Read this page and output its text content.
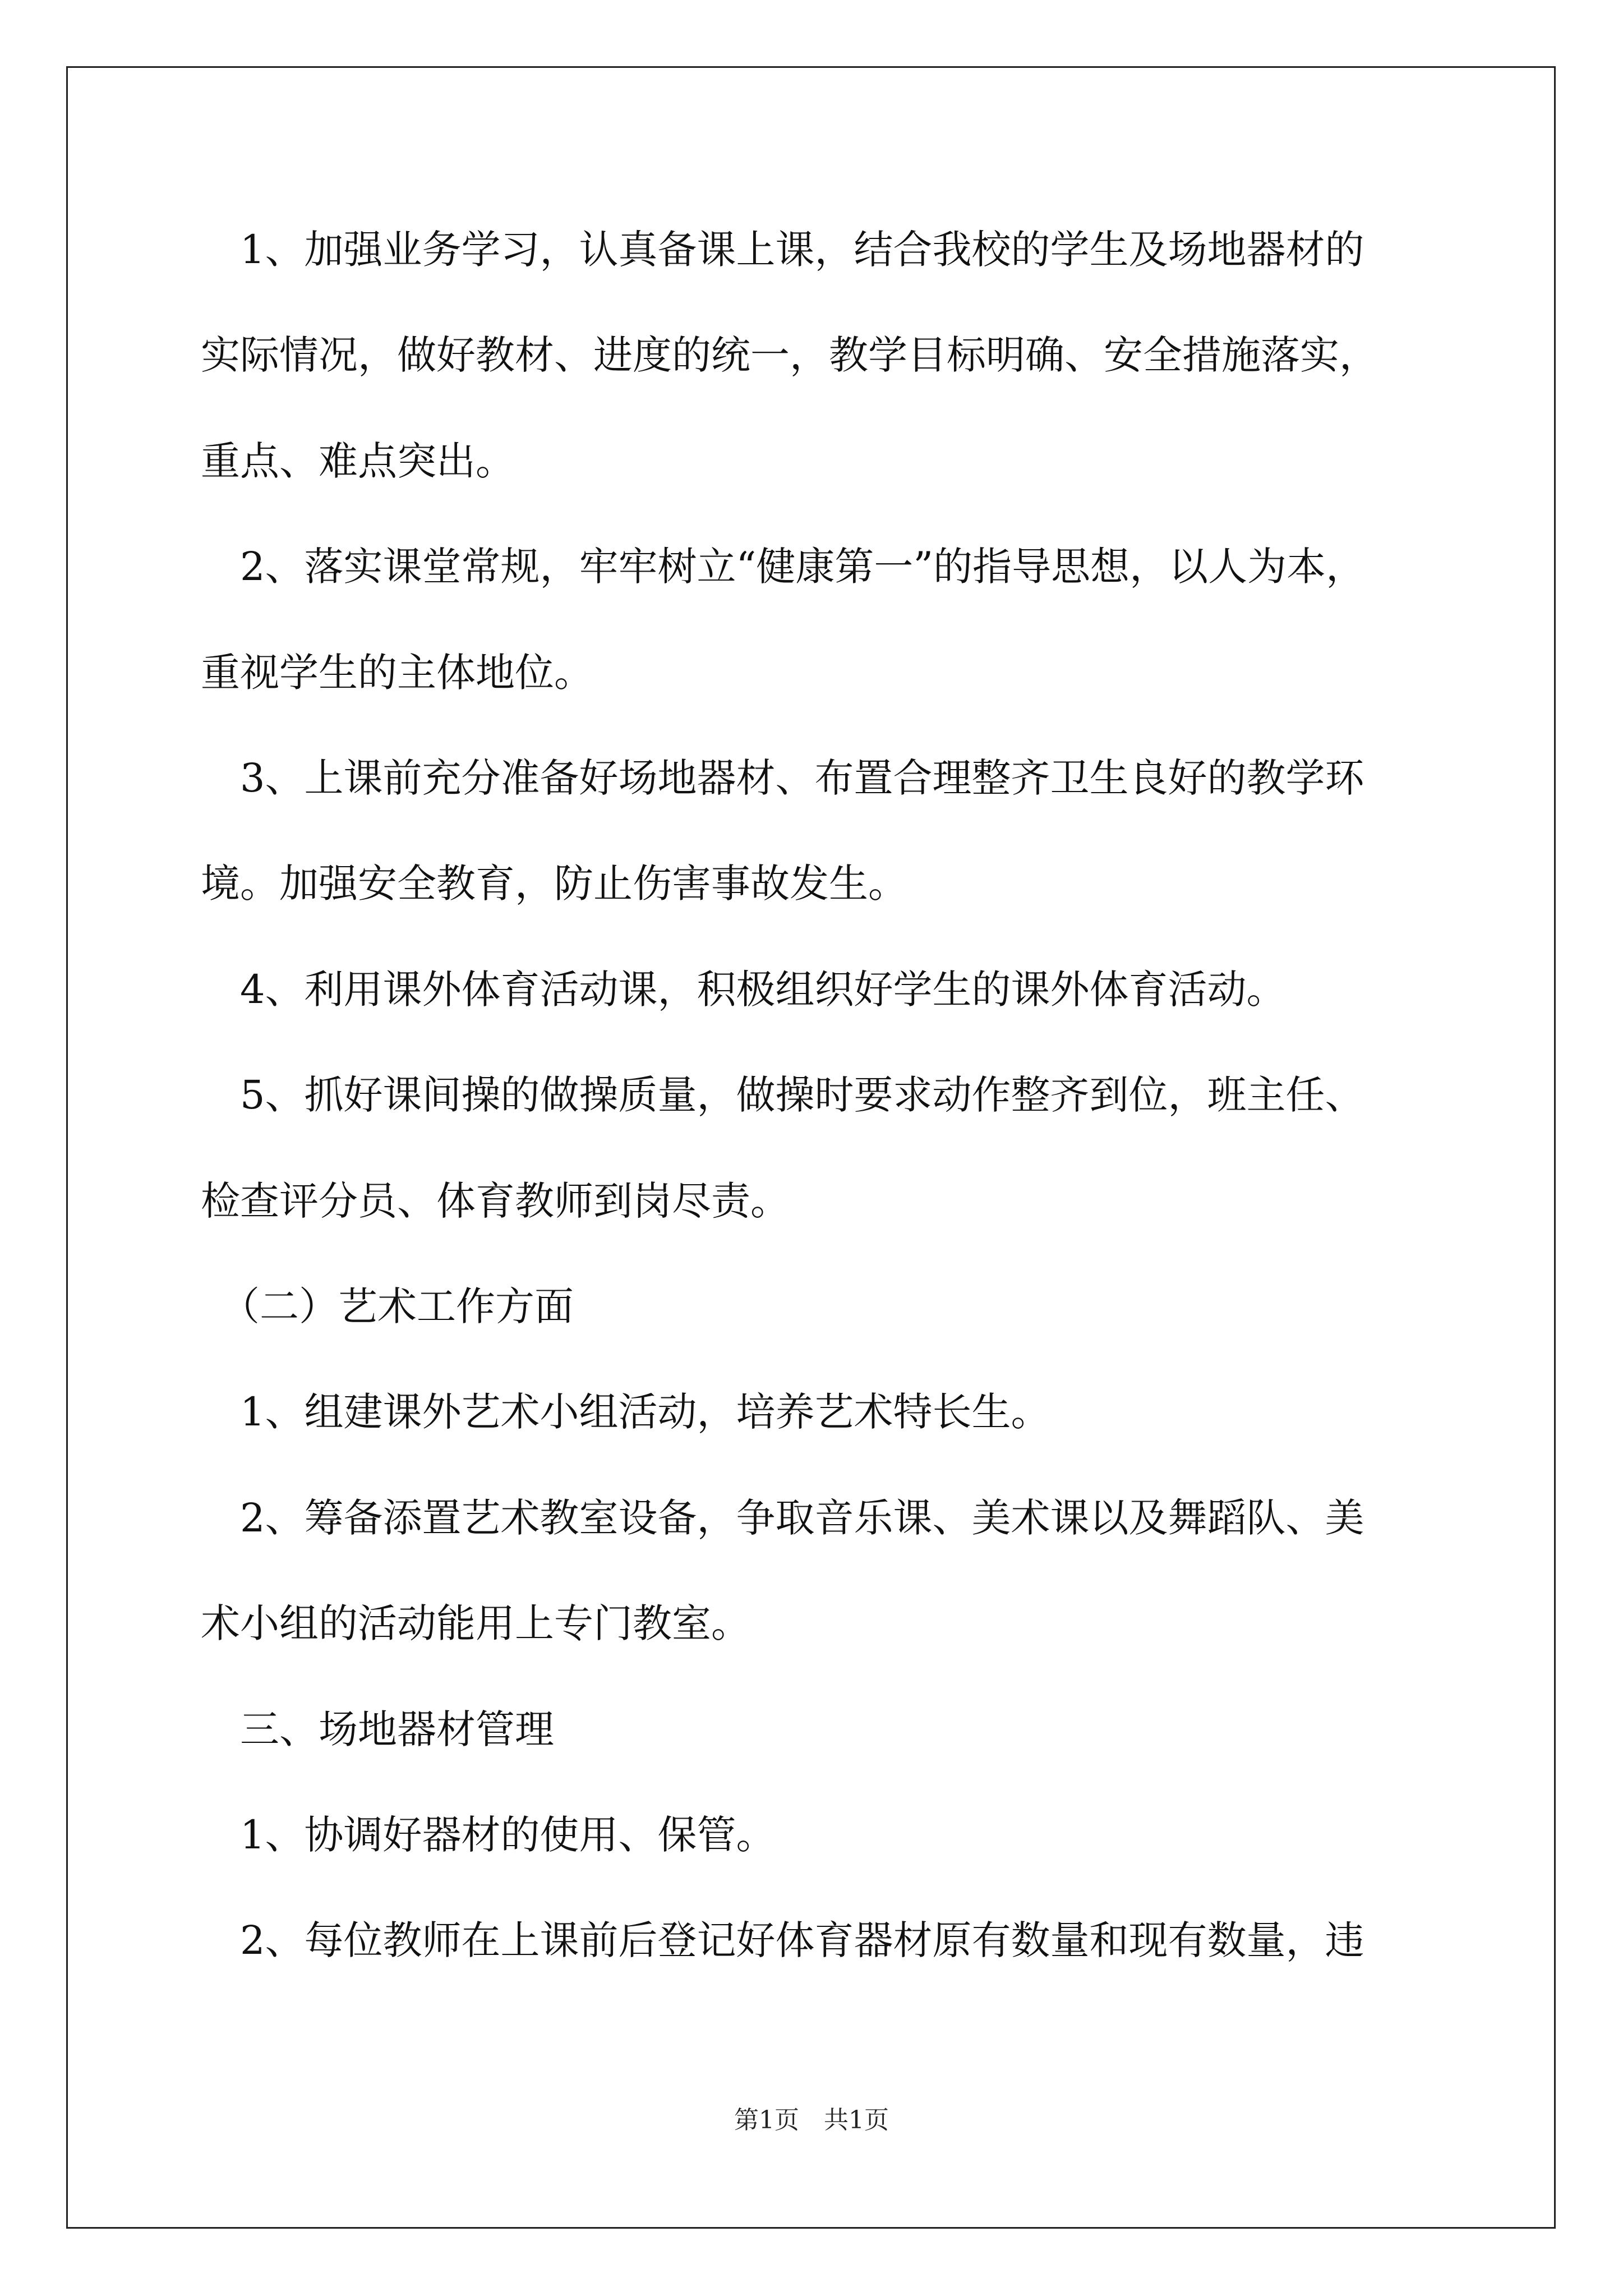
　1、加强业务学习，认真备课上课，结合我校的学生及场地器材的
实际情况，做好教材、进度的统一，教学目标明确、安全措施落实，
重点、难点突出。
　2、落实课堂常规，牢牢树立“健康第一”的指导思想，以人为本，
重视学生的主体地位。
　3、上课前充分准备好场地器材、布置合理整齐卫生良好的教学环
境。加强安全教育，防止伤害事故发生。
　4、利用课外体育活动课，积极组织好学生的课外体育活动。
　5、抓好课间操的做操质量，做操时要求动作整齐到位，班主任、
检查评分员、体育教师到岗尽责。
　（二）艺术工作方面
　1、组建课外艺术小组活动，培养艺术特长生。
　2、筹备添置艺术教室设备，争取音乐课、美术课以及舞蹈队、美
术小组的活动能用上专门教室。
　三、场地器材管理
　1、协调好器材的使用、保管。
　2、每位教师在上课前后登记好体育器材原有数量和现有数量，违
第1页　共1页
